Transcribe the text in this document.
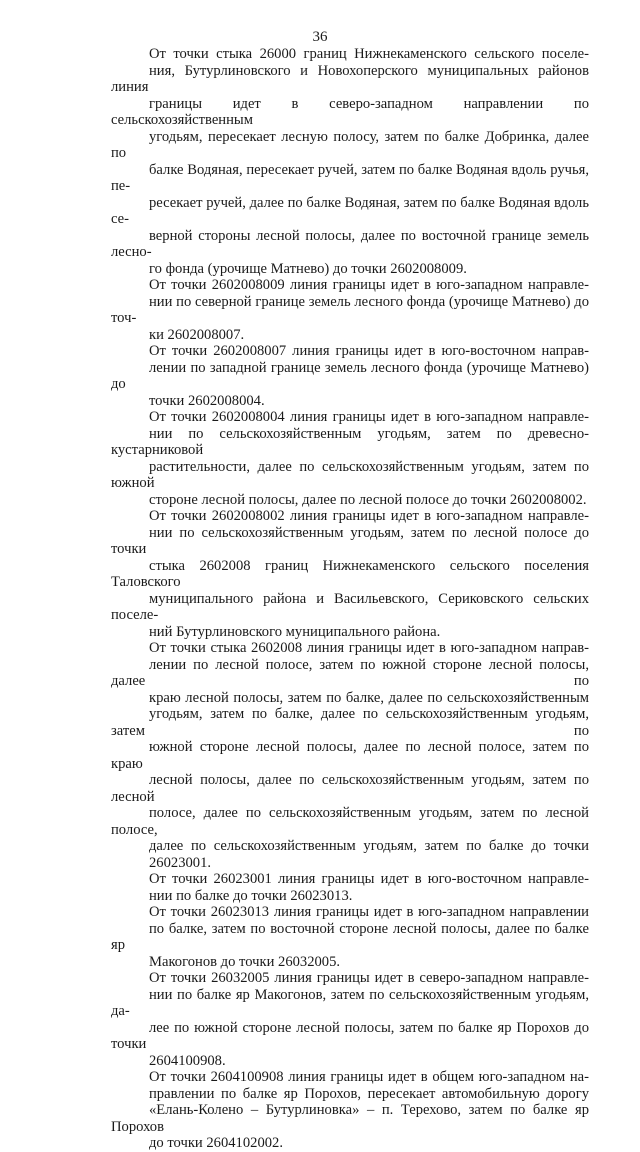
36
От точки стыка 26000 границ Нижнекаменского сельского поселе-
ния, Бутурлиновского и Новохоперского муниципальных районов линия
границы идет в северо-западном направлении по сельскохозяйственным
угодьям, пересекает лесную полосу, затем по балке Добринка, далее по
балке Водяная, пересекает ручей, затем по балке Водяная вдоль ручья, пе-
ресекает ручей, далее по балке Водяная, затем по балке Водяная вдоль се-
верной стороны лесной полосы, далее по восточной границе земель лесно-
го фонда (урочище Матнево) до точки 2602008009.
От точки 2602008009 линия границы идет в юго-западном направле-
нии по северной границе земель лесного фонда (урочище Матнево) до точ-
ки 2602008007.
От точки 2602008007 линия границы идет в юго-восточном направ-
лении по западной границе земель лесного фонда (урочище Матнево) до
точки 2602008004.
От точки 2602008004 линия границы идет в юго-западном направле-
нии по сельскохозяйственным угодьям, затем по древесно-кустарниковой
растительности, далее по сельскохозяйственным угодьям, затем по южной
стороне лесной полосы, далее по лесной полосе до точки 2602008002.
От точки 2602008002 линия границы идет в юго-западном направле-
нии по сельскохозяйственным угодьям, затем по лесной полосе до точки
стыка 2602008 границ Нижнекаменского сельского поселения Таловского
муниципального района и Васильевского, Сериковского сельских поселе-
ний Бутурлиновского муниципального района.
От точки стыка 2602008 линия границы идет в юго-западном направ-
лении по лесной полосе, затем по южной стороне лесной полосы, далее по
краю лесной полосы, затем по балке, далее по сельскохозяйственным
угодьям, затем по балке, далее по сельскохозяйственным угодьям, затем по
южной стороне лесной полосы, далее по лесной полосе, затем по краю
лесной полосы, далее по сельскохозяйственным угодьям, затем по лесной
полосе, далее по сельскохозяйственным угодьям, затем по лесной полосе,
далее по сельскохозяйственным угодьям, затем по балке до точки
26023001.
От точки 26023001 линия границы идет в юго-восточном направле-
нии по балке до точки 26023013.
От точки 26023013 линия границы идет в юго-западном направлении
по балке, затем по восточной стороне лесной полосы, далее по балке яр
Макогонов до точки 26032005.
От точки 26032005 линия границы идет в северо-западном направле-
нии по балке яр Макогонов, затем по сельскохозяйственным угодьям, да-
лее по южной стороне лесной полосы, затем по балке яр Порохов до точки
2604100908.
От точки 2604100908 линия границы идет в общем юго-западном на-
правлении по балке яр Порохов, пересекает автомобильную дорогу
«Елань-Колено – Бутурлиновка» – п. Терехово, затем по балке яр Порохов
до точки 2604102002.
